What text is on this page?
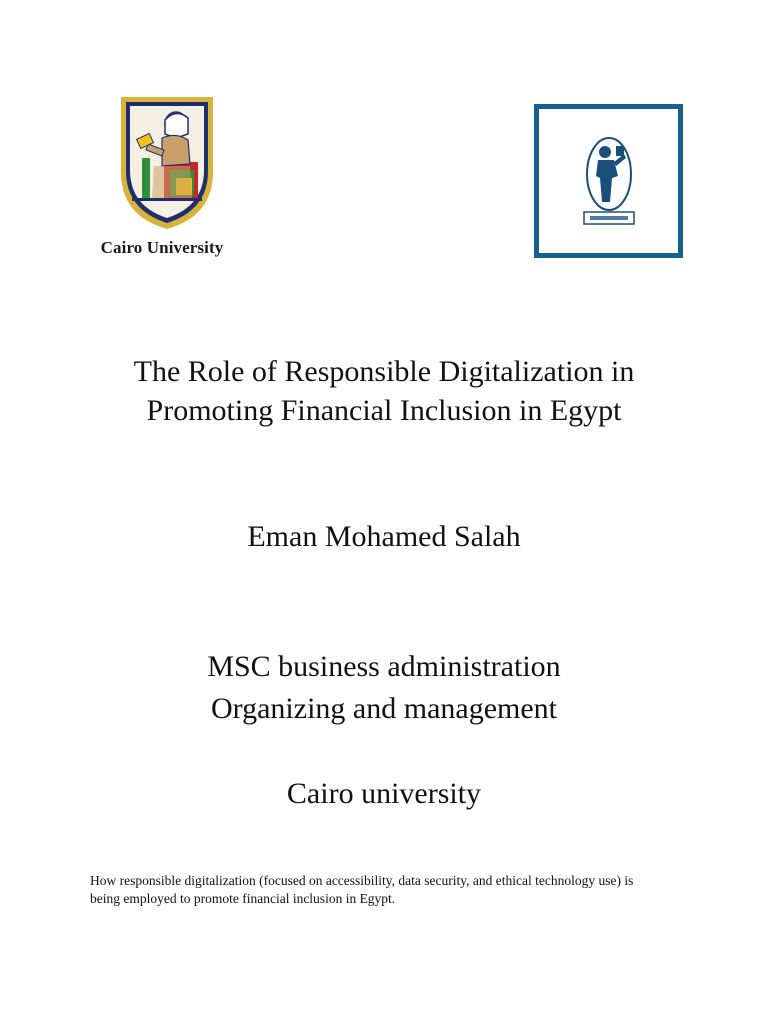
Cairo University
The Role of Responsible Digitalization in
Promoting Financial Inclusion in Egypt

Eman Mohamed Salah

MSC business administration
Organizing and management

Cairo university

How responsible digitalization (focused on accessibility, data security, and ethical technology use) is
being employed to promote financial inclusion in Egypt.
